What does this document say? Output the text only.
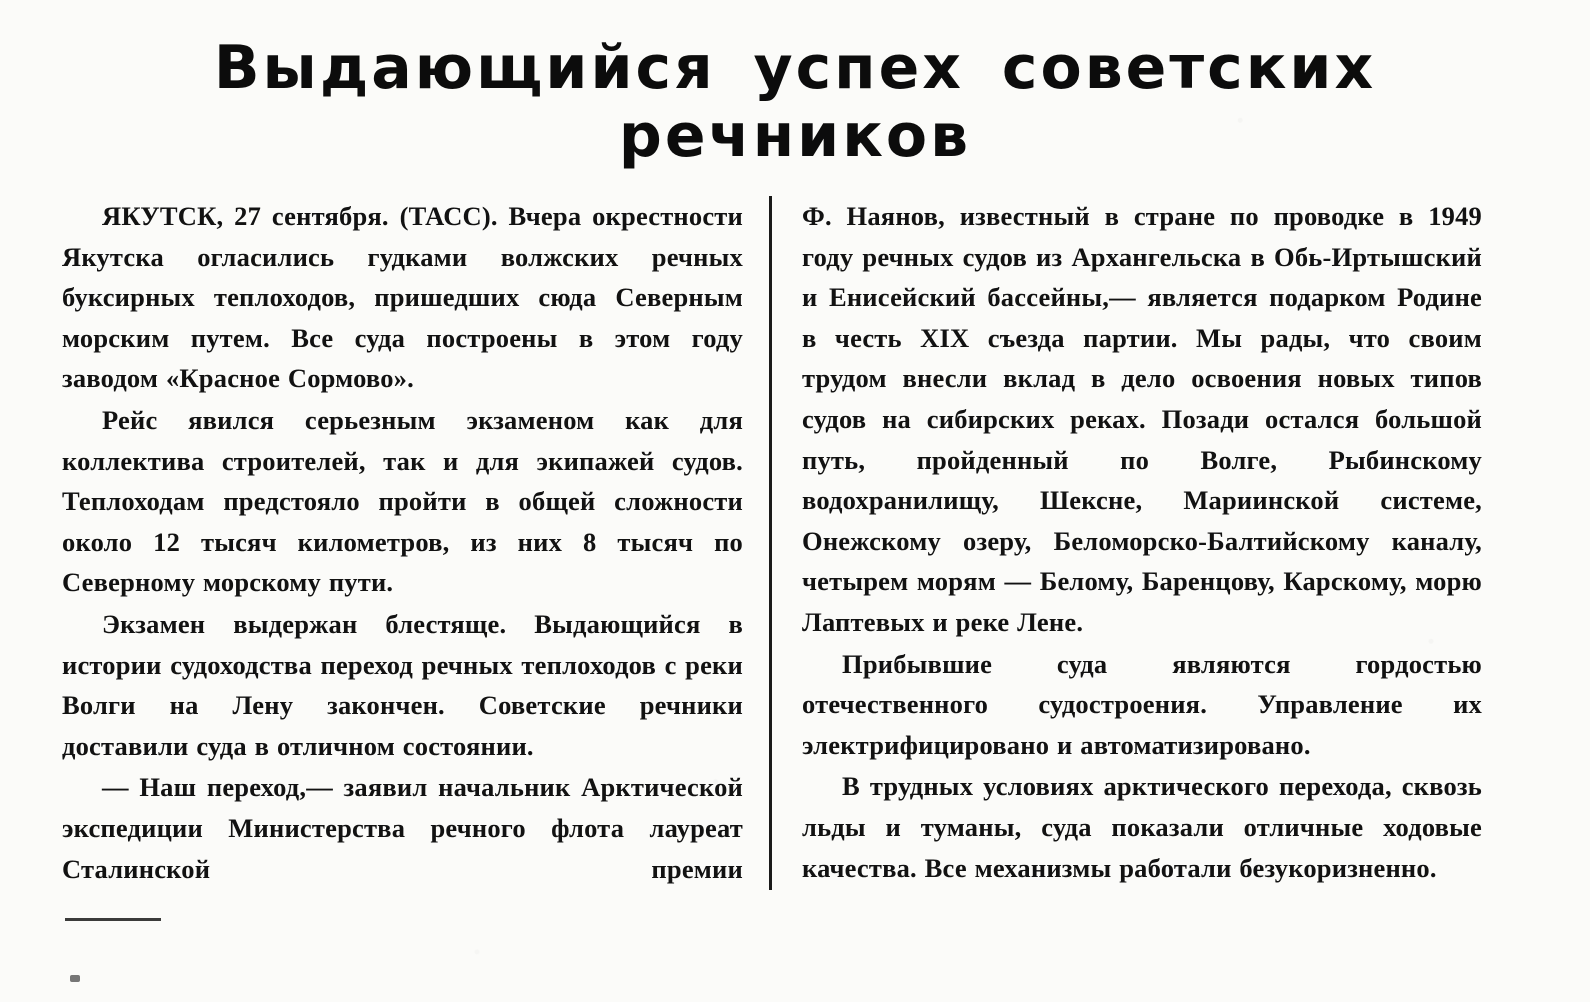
Выдающийся успех советских
речников

ЯКУТСК, 27 сентября. (ТАСС). Вчера окрестности Якутска огласились гудками волжских речных буксирных теплоходов, пришедших сюда Северным морским путем. Все суда построены в этом году заводом «Красное Сормово».

Рейс явился серьезным экзаменом как для коллектива строителей, так и для экипажей судов. Теплоходам предстояло пройти в общей сложности около 12 тысяч километров, из них 8 тысяч по Северному морскому пути.

Экзамен выдержан блестяще. Выдающийся в истории судоходства переход речных теплоходов с реки Волги на Лену закончен. Советские речники доставили суда в отличном состоянии.

— Наш переход,— заявил начальник Арктической экспедиции Министерства речного флота лауреат Сталинской премии

Ф. Наянов, известный в стране по проводке в 1949 году речных судов из Архангельска в Обь-Иртышский и Енисейский бассейны,— является подарком Родине в честь XIX съезда партии. Мы рады, что своим трудом внесли вклад в дело освоения новых типов судов на сибирских реках. Позади остался большой путь, пройденный по Волге, Рыбинскому водохранилищу, Шексне, Мариинской системе, Онежскому озеру, Беломорско-Балтийскому каналу, четырем морям — Белому, Баренцову, Карскому, морю Лаптевых и реке Лене.

Прибывшие суда являются гордостью отечественного судостроения. Управление их электрифицировано и автоматизировано.

В трудных условиях арктического перехода, сквозь льды и туманы, суда показали отличные ходовые качества. Все механизмы работали безукоризненно.
